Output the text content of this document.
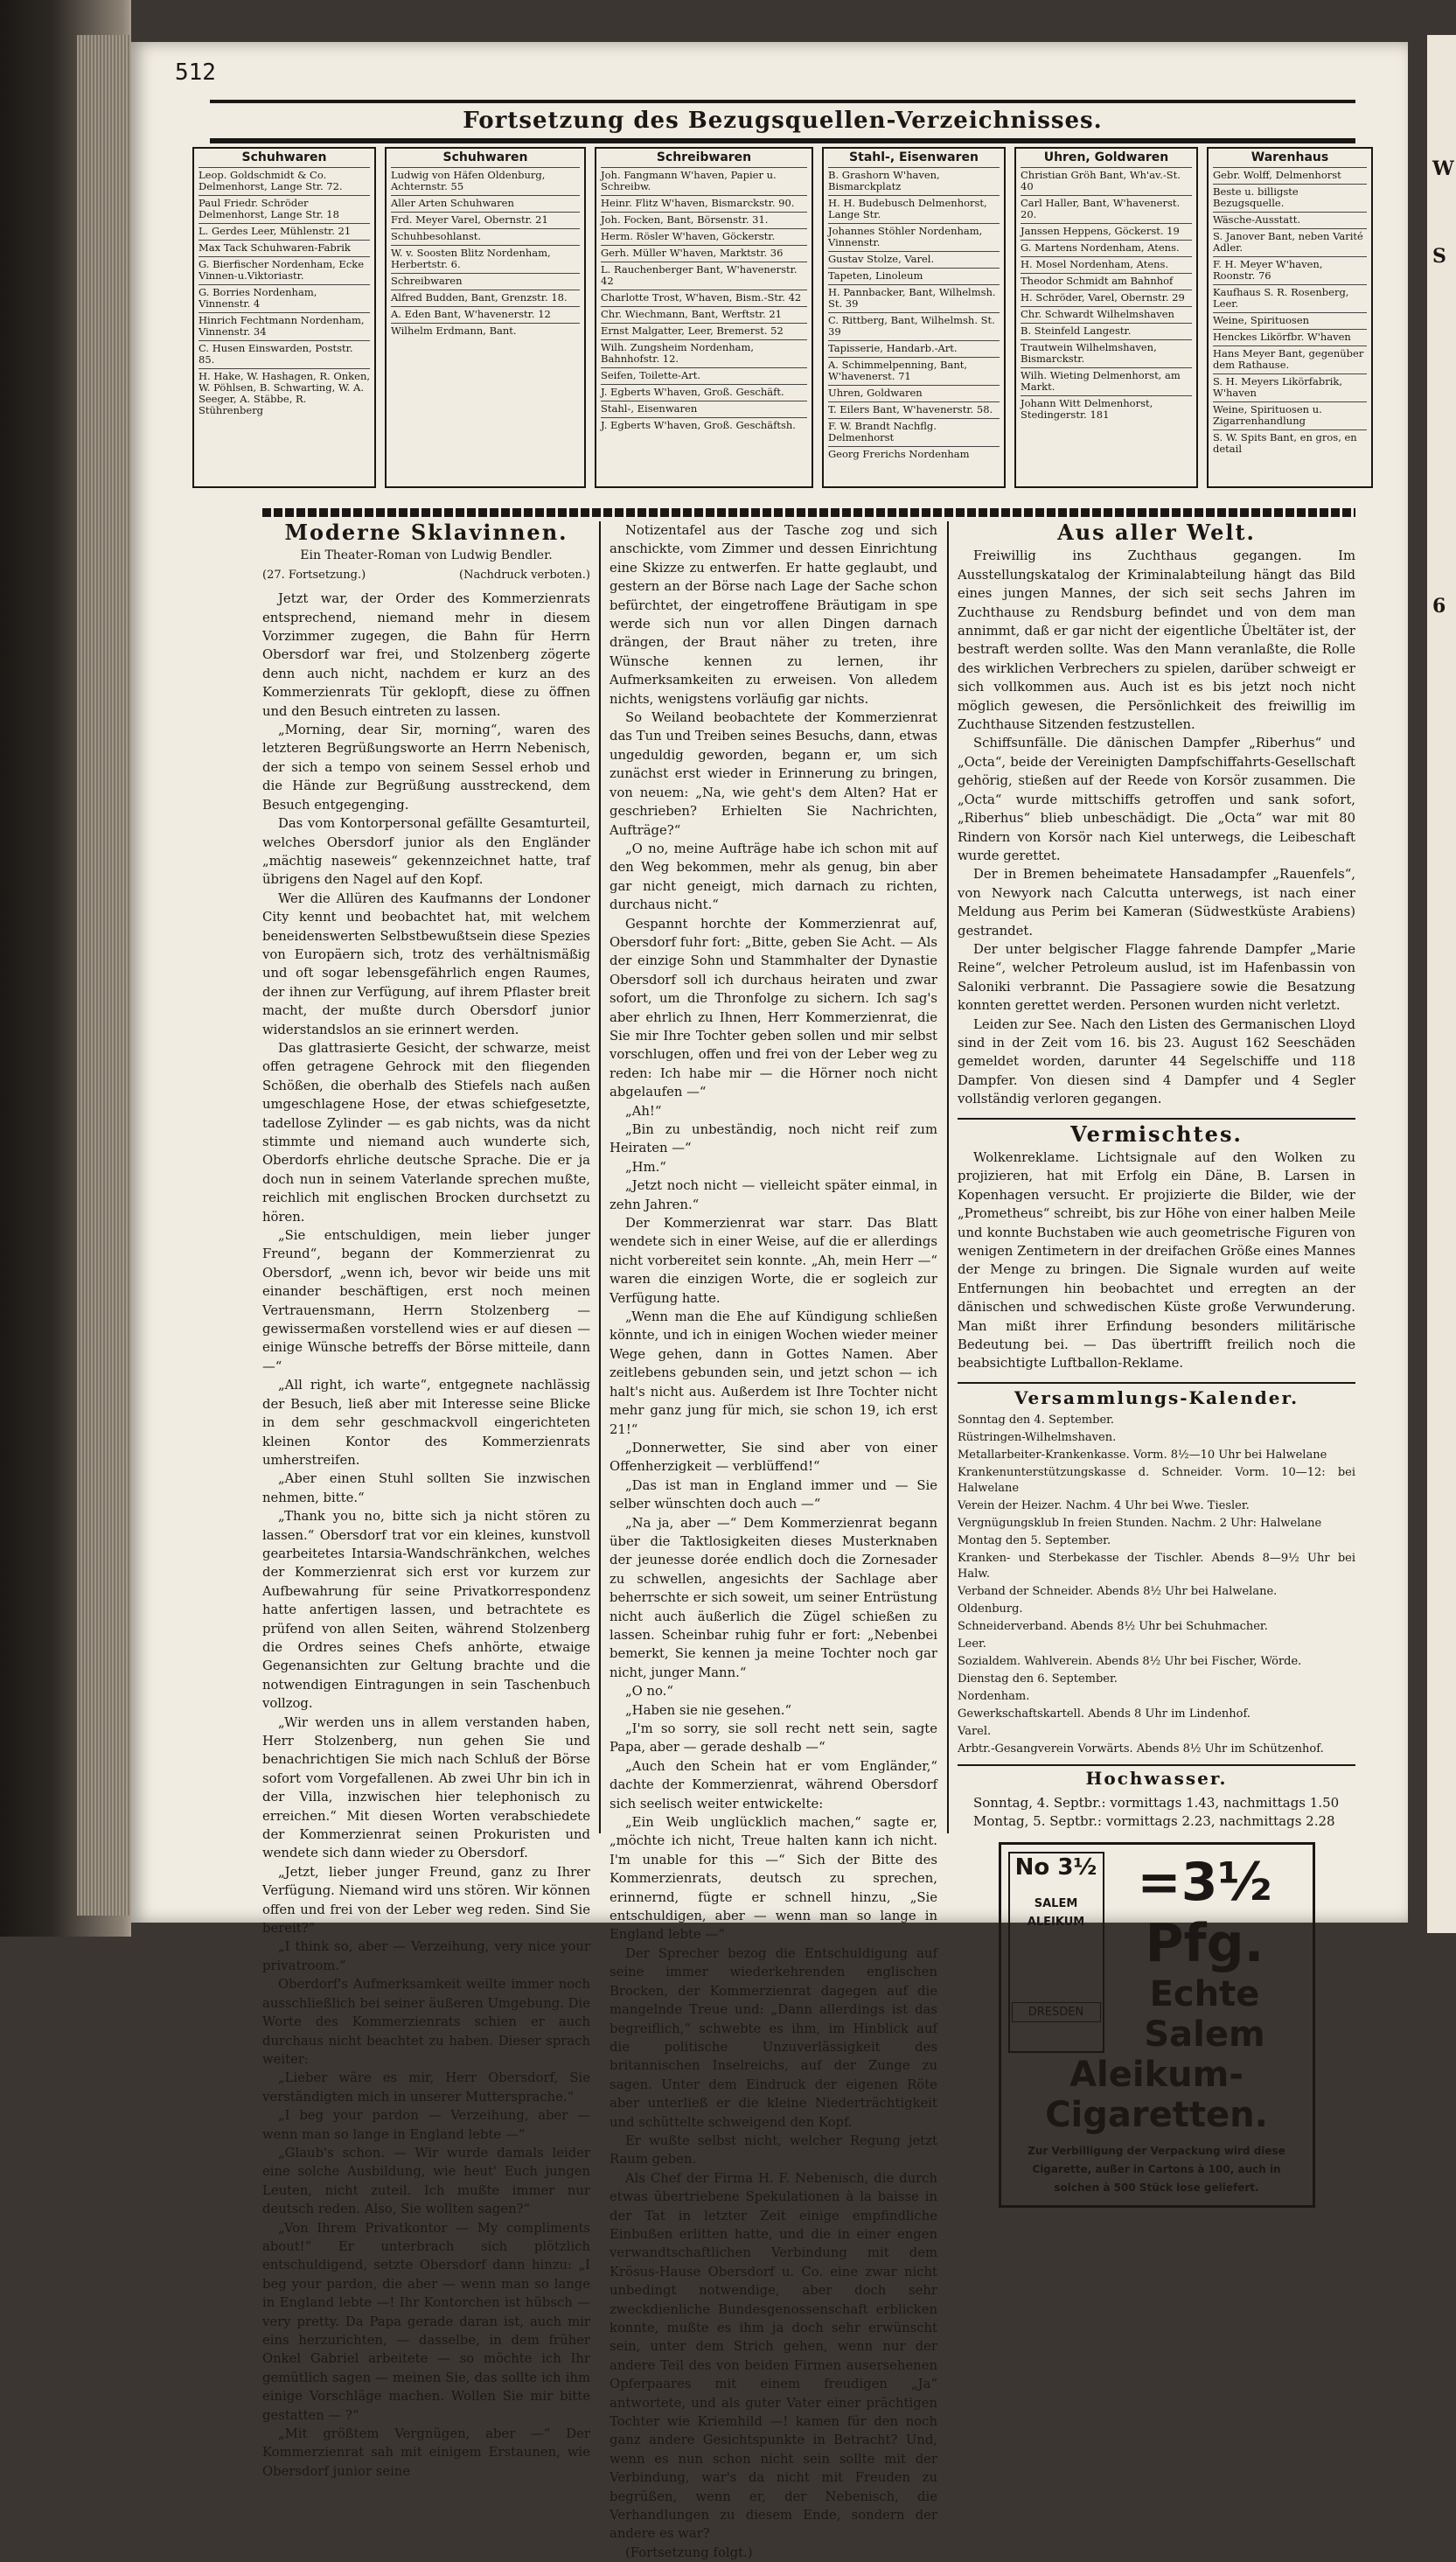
W
S
6
512
Fortsetzung des Bezugsquellen-Verzeichnisses.
Schuhwaren
Leop. Goldschmidt & Co. Delmenhorst, Lange Str. 72.
Paul Friedr. Schröder Delmenhorst, Lange Str. 18
L. Gerdes Leer, Mühlenstr. 21
Max Tack Schuhwaren-Fabrik
G. Bierfischer Nordenham, Ecke Vinnen-u.Viktoriastr.
G. Borries Nordenham, Vinnenstr. 4
Hinrich Fechtmann Nordenham, Vinnenstr. 34
C. Husen Einswarden, Poststr. 85.
H. Hake, W. Hashagen, R. Onken, W. Pöhlsen, B. Schwarting, W. A. Seeger, A. Stäbbe, R. Stührenberg
Schuhwaren
Ludwig von Häfen Oldenburg, Achternstr. 55
Aller Arten Schuhwaren
Frd. Meyer Varel, Obernstr. 21
Schuhbesohlanst.
W. v. Soosten Blitz Nordenham, Herbertstr. 6.
Schreibwaren
Alfred Budden, Bant, Grenzstr. 18.
A. Eden Bant, W'havenerstr. 12
Wilhelm Erdmann, Bant.
Schreibwaren
Joh. Fangmann W'haven, Papier u. Schreibw.
Heinr. Flitz W'haven, Bismarckstr. 90.
Joh. Focken, Bant, Börsenstr. 31.
Herm. Rösler W'haven, Göckerstr.
Gerh. Müller W'haven, Marktstr. 36
L. Rauchenberger Bant, W'havenerstr. 42
Charlotte Trost, W'haven, Bism.-Str. 42
Chr. Wiechmann, Bant, Werftstr. 21
Ernst Malgatter, Leer, Bremerst. 52
Wilh. Zungsheim Nordenham, Bahnhofstr. 12.
Seifen, Toilette-Art.
J. Egberts W'haven, Groß. Geschäft.
Stahl-, Eisenwaren
J. Egberts W'haven, Groß. Geschäftsh.
Stahl-, Eisenwaren
B. Grashorn W'haven, Bismarckplatz
H. H. Budebusch Delmenhorst, Lange Str.
Johannes Stöhler Nordenham, Vinnenstr.
Gustav Stolze, Varel.
Tapeten, Linoleum
H. Pannbacker, Bant, Wilhelmsh. St. 39
C. Rittberg, Bant, Wilhelmsh. St. 39
Tapisserie, Handarb.-Art.
A. Schimmelpenning, Bant, W'havenerst. 71
Uhren, Goldwaren
T. Eilers Bant, W'havenerstr. 58.
F. W. Brandt Nachflg. Delmenhorst
Georg Frerichs Nordenham
Uhren, Goldwaren
Christian Gröh Bant, Wh'av.-St. 40
Carl Haller, Bant, W'havenerst. 20.
Janssen Heppens, Göckerst. 19
G. Martens Nordenham, Atens.
H. Mosel Nordenham, Atens.
Theodor Schmidt am Bahnhof
H. Schröder, Varel, Obernstr. 29
Chr. Schwardt Wilhelmshaven
B. Steinfeld Langestr.
Trautwein Wilhelmshaven, Bismarckstr.
Wilh. Wieting Delmenhorst, am Markt.
Johann Witt Delmenhorst, Stedingerstr. 181
Warenhaus
Gebr. Wolff, Delmenhorst
Beste u. billigste Bezugsquelle.
Wäsche-Ausstatt.
S. Janover Bant, neben Varité Adler.
F. H. Meyer W'haven, Roonstr. 76
Kaufhaus S. R. Rosenberg, Leer.
Weine, Spirituosen
Henckes Likörfbr. W'haven
Hans Meyer Bant, gegenüber dem Rathause.
S. H. Meyers Likörfabrik, W'haven
Weine, Spirituosen u. Zigarrenhandlung
S. W. Spits Bant, en gros, en detail
Moderne Sklavinnen.
Ein Theater-Roman von Ludwig Bendler.
(27. Fortsetzung.)	(Nachdruck verboten.)

Jetzt war, der Order des Kommerzienrats entsprechend, niemand mehr in diesem Vorzimmer zugegen, die Bahn für Herrn Obersdorf war frei, und Stolzenberg zögerte denn auch nicht, nachdem er kurz an des Kommerzienrats Tür geklopft, diese zu öffnen und den Besuch eintreten zu lassen.

„Morning, dear Sir, morning“, waren des letzteren Begrüßungsworte an Herrn Nebenisch, der sich a tempo von seinem Sessel erhob und die Hände zur Begrüßung ausstreckend, dem Besuch entgegenging.

Das vom Kontorpersonal gefällte Gesamturteil, welches Obersdorf junior als den Engländer „mächtig naseweis“ gekennzeichnet hatte, traf übrigens den Nagel auf den Kopf.

Wer die Allüren des Kaufmanns der Londoner City kennt und beobachtet hat, mit welchem beneidenswerten Selbstbewußtsein diese Spezies von Europäern sich, trotz des verhältnismäßig und oft sogar lebensgefährlich engen Raumes, der ihnen zur Verfügung, auf ihrem Pflaster breit macht, der mußte durch Obersdorf junior widerstandslos an sie erinnert werden.

Das glattrasierte Gesicht, der schwarze, meist offen getragene Gehrock mit den fliegenden Schößen, die oberhalb des Stiefels nach außen umgeschlagene Hose, der etwas schiefgesetzte, tadellose Zylinder — es gab nichts, was da nicht stimmte und niemand auch wunderte sich, Oberdorfs ehrliche deutsche Sprache. Die er ja doch nun in seinem Vaterlande sprechen mußte, reichlich mit englischen Brocken durchsetzt zu hören.

„Sie entschuldigen, mein lieber junger Freund“, begann der Kommerzienrat zu Obersdorf, „wenn ich, bevor wir beide uns mit einander beschäftigen, erst noch meinen Vertrauensmann, Herrn Stolzenberg — gewissermaßen vorstellend wies er auf diesen — einige Wünsche betreffs der Börse mitteile, dann —“

„All right, ich warte“, entgegnete nachlässig der Besuch, ließ aber mit Interesse seine Blicke in dem sehr geschmackvoll eingerichteten kleinen Kontor des Kommerzienrats umherstreifen.

„Aber einen Stuhl sollten Sie inzwischen nehmen, bitte.“

„Thank you no, bitte sich ja nicht stören zu lassen.“ Obersdorf trat vor ein kleines, kunstvoll gearbeitetes Intarsia-Wandschränkchen, welches der Kommerzienrat sich erst vor kurzem zur Aufbewahrung für seine Privatkorrespondenz hatte anfertigen lassen, und betrachtete es prüfend von allen Seiten, während Stolzenberg die Ordres seines Chefs anhörte, etwaige Gegenansichten zur Geltung brachte und die notwendigen Eintragungen in sein Taschenbuch vollzog.

„Wir werden uns in allem verstanden haben, Herr Stolzenberg, nun gehen Sie und benachrichtigen Sie mich nach Schluß der Börse sofort vom Vorgefallenen. Ab zwei Uhr bin ich in der Villa, inzwischen hier telephonisch zu erreichen.“ Mit diesen Worten verabschiedete der Kommerzienrat seinen Prokuristen und wendete sich dann wieder zu Obersdorf.

„Jetzt, lieber junger Freund, ganz zu Ihrer Verfügung. Niemand wird uns stören. Wir können offen und frei von der Leber weg reden. Sind Sie bereit?“

„I think so, aber — Verzeihung, very nice your privatroom.“

Oberdorf's Aufmerksamkeit weilte immer noch ausschließlich bei seiner äußeren Umgebung. Die Worte des Kommerzienrats schien er auch durchaus nicht beachtet zu haben. Dieser sprach weiter:

„Lieber wäre es mir, Herr Obersdorf, Sie verständigten mich in unserer Muttersprache.“

„I beg your pardon — Verzeihung, aber — wenn man so lange in England lebte —“

„Glaub's schon. — Wir wurde damals leider eine solche Ausbildung, wie heut' Euch jungen Leuten, nicht zuteil. Ich mußte immer nur deutsch reden. Also, Sie wollten sagen?“

„Von Ihrem Privatkontor — My compliments about!“ Er unterbrach sich plötzlich entschuldigend, setzte Obersdorf dann hinzu: „I beg your pardon, die aber — wenn man so lange in England lebte —! Ihr Kontorchen ist hübsch — very pretty. Da Papa gerade daran ist, auch mir eins herzurichten, — dasselbe, in dem früher Onkel Gabriel arbeitete — so möchte ich Ihr gemütlich sagen — meinen Sie, das sollte ich ihm einige Vorschläge machen. Wollen Sie mir bitte gestatten — ?“

„Mit größtem Vergnügen, aber —“ Der Kommerzienrat sah mit einigem Erstaunen, wie Obersdorf junior seine

Notizentafel aus der Tasche zog und sich anschickte, vom Zimmer und dessen Einrichtung eine Skizze zu entwerfen. Er hatte geglaubt, und gestern an der Börse nach Lage der Sache schon befürchtet, der eingetroffene Bräutigam in spe werde sich nun vor allen Dingen darnach drängen, der Braut näher zu treten, ihre Wünsche kennen zu lernen, ihr Aufmerksamkeiten zu erweisen. Von alledem nichts, wenigstens vorläufig gar nichts.

So Weiland beobachtete der Kommerzienrat das Tun und Treiben seines Besuchs, dann, etwas ungeduldig geworden, begann er, um sich zunächst erst wieder in Erinnerung zu bringen, von neuem: „Na, wie geht's dem Alten? Hat er geschrieben? Erhielten Sie Nachrichten, Aufträge?“

„O no, meine Aufträge habe ich schon mit auf den Weg bekommen, mehr als genug, bin aber gar nicht geneigt, mich darnach zu richten, durchaus nicht.“

Gespannt horchte der Kommerzienrat auf, Obersdorf fuhr fort: „Bitte, geben Sie Acht. — Als der einzige Sohn und Stammhalter der Dynastie Obersdorf soll ich durchaus heiraten und zwar sofort, um die Thronfolge zu sichern. Ich sag's aber ehrlich zu Ihnen, Herr Kommerzienrat, die Sie mir Ihre Tochter geben sollen und mir selbst vorschlugen, offen und frei von der Leber weg zu reden: Ich habe mir — die Hörner noch nicht abgelaufen —“

„Ah!“

„Bin zu unbeständig, noch nicht reif zum Heiraten —“

„Hm.“

„Jetzt noch nicht — vielleicht später einmal, in zehn Jahren.“

Der Kommerzienrat war starr. Das Blatt wendete sich in einer Weise, auf die er allerdings nicht vorbereitet sein konnte. „Ah, mein Herr —“ waren die einzigen Worte, die er sogleich zur Verfügung hatte.

„Wenn man die Ehe auf Kündigung schließen könnte, und ich in einigen Wochen wieder meiner Wege gehen, dann in Gottes Namen. Aber zeitlebens gebunden sein, und jetzt schon — ich halt's nicht aus. Außerdem ist Ihre Tochter nicht mehr ganz jung für mich, sie schon 19, ich erst 21!“

„Donnerwetter, Sie sind aber von einer Offenherzigkeit — verblüffend!“

„Das ist man in England immer und — Sie selber wünschten doch auch —“

„Na ja, aber —“ Dem Kommerzienrat begann über die Taktlosigkeiten dieses Musterknaben der jeunesse dorée endlich doch die Zornesader zu schwellen, angesichts der Sachlage aber beherrschte er sich soweit, um seiner Entrüstung nicht auch äußerlich die Zügel schießen zu lassen. Scheinbar ruhig fuhr er fort: „Nebenbei bemerkt, Sie kennen ja meine Tochter noch gar nicht, junger Mann.“

„O no.“

„Haben sie nie gesehen.“

„I'm so sorry, sie soll recht nett sein, sagte Papa, aber — gerade deshalb —“

„Auch den Schein hat er vom Engländer,“ dachte der Kommerzienrat, während Obersdorf sich seelisch weiter entwickelte:

„Ein Weib unglücklich machen,“ sagte er, „möchte ich nicht, Treue halten kann ich nicht. I'm unable for this —“ Sich der Bitte des Kommerzienrats, deutsch zu sprechen, erinnernd, fügte er schnell hinzu, „Sie entschuldigen, aber — wenn man so lange in England lebte —“

Der Sprecher bezog die Entschuldigung auf seine immer wiederkehrenden englischen Brocken, der Kommerzienrat dagegen auf die mangelnde Treue und: „Dann allerdings ist das begreiflich,“ schwebte es ihm, im Hinblick auf die politische Unzuverlässigkeit des britannischen Inselreichs, auf der Zunge zu sagen. Unter dem Eindruck der eigenen Röte aber unterließ er die kleine Niederträchtigkeit und schüttelte schweigend den Kopf.

Er wußte selbst nicht, welcher Regung jetzt Raum geben.

Als Chef der Firma H. F. Nebenisch, die durch etwas übertriebene Spekulationen à la baisse in der Tat in letzter Zeit einige empfindliche Einbußen erlitten hatte, und die in einer engen verwandtschaftlichen Verbindung mit dem Krösus-Hause Obersdorf u. Co. eine zwar nicht unbedingt notwendige, aber doch sehr zweckdienliche Bundesgenossenschaft erblicken konnte, mußte es ihm ja doch sehr erwünscht sein, unter dem Strich gehen, wenn nur der andere Teil des von beiden Firmen ausersehenen Opferpaares mit einem freudigen „Ja“ antwortete, und als guter Vater einer prächtigen Tochter wie Kriemhild —! kamen für den noch ganz andere Gesichtspunkte in Betracht? Und, wenn es nun schon nicht sein sollte mit der Verbindung, war's da nicht mit Freuden zu begrüßen, wenn er, der Nebenisch, die Verhandlungen zu diesem Ende, sondern der andere es war?

(Fortsetzung folgt.)

Aus aller Welt.

Freiwillig ins Zuchthaus gegangen. Im Ausstellungskatalog der Kriminalabteilung hängt das Bild eines jungen Mannes, der sich seit sechs Jahren im Zuchthause zu Rendsburg befindet und von dem man annimmt, daß er gar nicht der eigentliche Übeltäter ist, der bestraft werden sollte. Was den Mann veranlaßte, die Rolle des wirklichen Verbrechers zu spielen, darüber schweigt er sich vollkommen aus. Auch ist es bis jetzt noch nicht möglich gewesen, die Persönlichkeit des freiwillig im Zuchthause Sitzenden festzustellen.

Schiffsunfälle. Die dänischen Dampfer „Riberhus“ und „Octa“, beide der Vereinigten Dampfschiffahrts-Gesellschaft gehörig, stießen auf der Reede von Korsör zusammen. Die „Octa“ wurde mittschiffs getroffen und sank sofort, „Riberhus“ blieb unbeschädigt. Die „Octa“ war mit 80 Rindern von Korsör nach Kiel unterwegs, die Leibeschaft wurde gerettet.

Der in Bremen beheimatete Hansadampfer „Rauenfels“, von Newyork nach Calcutta unterwegs, ist nach einer Meldung aus Perim bei Kameran (Südwestküste Arabiens) gestrandet.

Der unter belgischer Flagge fahrende Dampfer „Marie Reine“, welcher Petroleum auslud, ist im Hafenbassin von Saloniki verbrannt. Die Passagiere sowie die Besatzung konnten gerettet werden. Personen wurden nicht verletzt.

Leiden zur See. Nach den Listen des Germanischen Lloyd sind in der Zeit vom 16. bis 23. August 162 Seeschäden gemeldet worden, darunter 44 Segelschiffe und 118 Dampfer. Von diesen sind 4 Dampfer und 4 Segler vollständig verloren gegangen.

Vermischtes.

Wolkenreklame. Lichtsignale auf den Wolken zu projizieren, hat mit Erfolg ein Däne, B. Larsen in Kopenhagen versucht. Er projizierte die Bilder, wie der „Prometheus“ schreibt, bis zur Höhe von einer halben Meile und konnte Buchstaben wie auch geometrische Figuren von wenigen Zentimetern in der dreifachen Größe eines Mannes der Menge zu bringen. Die Signale wurden auf weite Entfernungen hin beobachtet und erregten an der dänischen und schwedischen Küste große Verwunderung. Man mißt ihrer Erfindung besonders militärische Bedeutung bei. — Das übertrifft freilich noch die beabsichtigte Luftballon-Reklame.

Versammlungs-Kalender.

Sonntag den 4. September.

Rüstringen-Wilhelmshaven.

Metallarbeiter-Krankenkasse. Vorm. 8½—10 Uhr bei Halwelane

Krankenunterstützungskasse d. Schneider. Vorm. 10—12: bei Halwelane

Verein der Heizer. Nachm. 4 Uhr bei Wwe. Tiesler.

Vergnügungsklub In freien Stunden. Nachm. 2 Uhr: Halwelane

Montag den 5. September.

Kranken- und Sterbekasse der Tischler. Abends 8—9½ Uhr bei Halw.

Verband der Schneider. Abends 8½ Uhr bei Halwelane.

Oldenburg.

Schneiderverband. Abends 8½ Uhr bei Schuhmacher.

Leer.

Sozialdem. Wahlverein. Abends 8½ Uhr bei Fischer, Wörde.

Dienstag den 6. September.

Nordenham.

Gewerkschaftskartell. Abends 8 Uhr im Lindenhof.

Varel.

Arbtr.-Gesangverein Vorwärts. Abends 8½ Uhr im Schützenhof.

Hochwasser.

Sonntag, 4. Septbr.: vormittags 1.43, nachmittags 1.50

Montag, 5. Septbr.: vormittags 2.23, nachmittags 2.28

No 3½
SALEM ALEIKUM
DRESDEN
=3½ Pfg.
Echte Salem Aleikum-
Cigaretten.
Zur Verbilligung der Verpackung wird diese Cigarette, außer in Cartons à 100, auch in solchen à 500 Stück lose geliefert.
